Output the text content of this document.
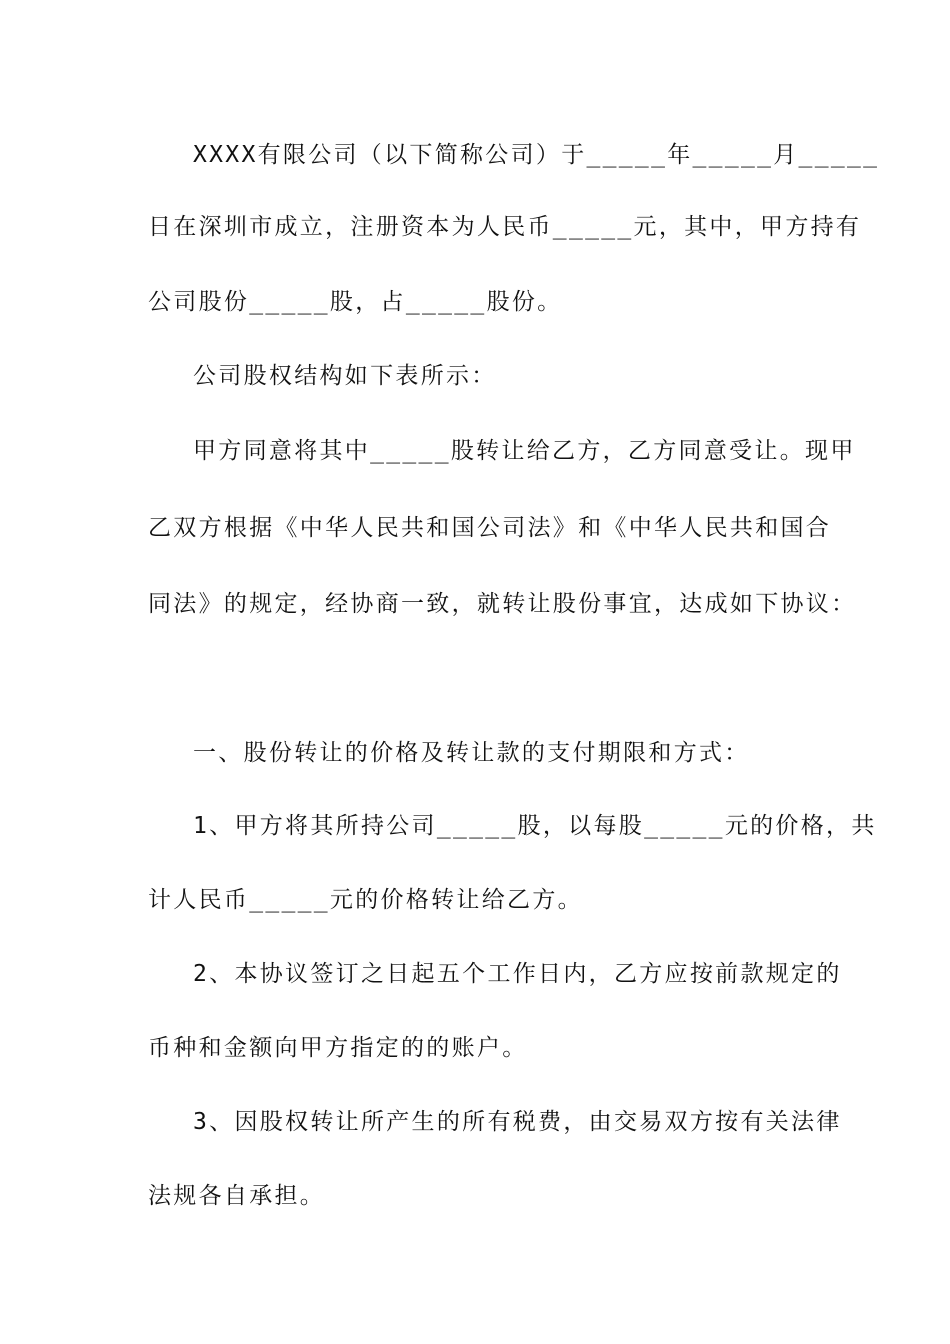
XXXX有限公司（以下简称公司）于_____年_____月_____
日在深圳市成立，注册资本为人民币_____元，其中，甲方持有
公司股份_____股，占_____股份。
公司股权结构如下表所示：
甲方同意将其中_____股转让给乙方，乙方同意受让。现甲
乙双方根据《中华人民共和国公司法》和《中华人民共和国合
同法》的规定，经协商一致，就转让股份事宜，达成如下协议：
一、股份转让的价格及转让款的支付期限和方式：
1、甲方将其所持公司_____股，以每股_____元的价格，共
计人民币_____元的价格转让给乙方。
2、本协议签订之日起五个工作日内，乙方应按前款规定的
币种和金额向甲方指定的的账户。
3、因股权转让所产生的所有税费，由交易双方按有关法律
法规各自承担。
